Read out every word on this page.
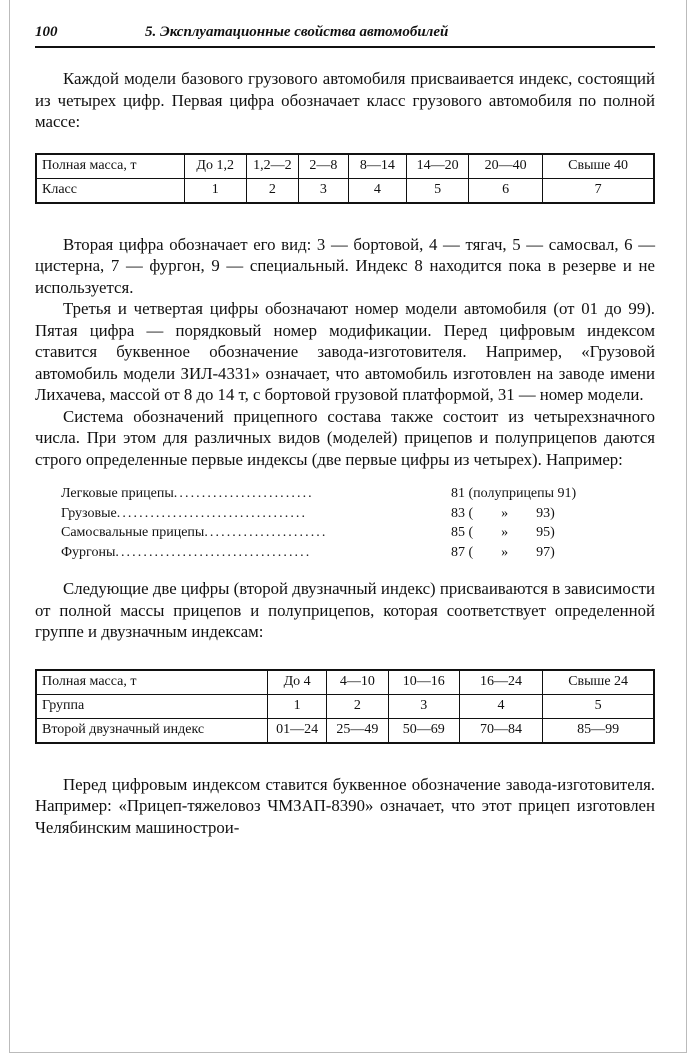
100	5. Эксплуатационные свойства автомобилей

Каждой модели базового грузового автомобиля присваивается индекс, состоящий из четырех цифр. Первая цифра обозначает класс грузового автомобиля по полной массе:

Полная масса, т	До 1,2	1,2—2	2—8	8—14	14—20	20—40	Свыше 40
Класс	1	2	3	4	5	6	7

Вторая цифра обозначает его вид: 3 — бортовой, 4 — тягач, 5 — самосвал, 6 — цистерна, 7 — фургон, 9 — специальный. Индекс 8 находится пока в резерве и не используется.

Третья и четвертая цифры обозначают номер модели автомобиля (от 01 до 99). Пятая цифра — порядковый номер модификации. Перед цифровым индексом ставится буквенное обозначение завода-изготовителя. Например, «Грузовой автомобиль модели ЗИЛ-4331» означает, что автомобиль изготовлен на заводе имени Лихачева, массой от 8 до 14 т, с бортовой грузовой платформой, 31 — номер модели.

Система обозначений прицепного состава также состоит из четырехзначного числа. При этом для различных видов (моделей) прицепов и полуприцепов даются строго определенные первые индексы (две первые цифры из четырех). Например:

Легковые прицепы .........................	81 (полуприцепы 91)
Грузовые ..................................	83 (        »        93)
Самосвальные прицепы ......................	85 (        »        95)
Фургоны ...................................	87 (        »        97)

Следующие две цифры (второй двузначный индекс) присваиваются в зависимости от полной массы прицепов и полуприцепов, которая соответствует определенной группе и двузначным индексам:

Полная масса, т	До 4	4—10	10—16	16—24	Свыше 24
Группа	1	2	3	4	5
Второй двузначный индекс	01—24	25—49	50—69	70—84	85—99

Перед цифровым индексом ставится буквенное обозначение завода-изготовителя. Например: «Прицеп-тяжеловоз ЧМЗАП-8390» означает, что этот прицеп изготовлен Челябинским машинострои-
